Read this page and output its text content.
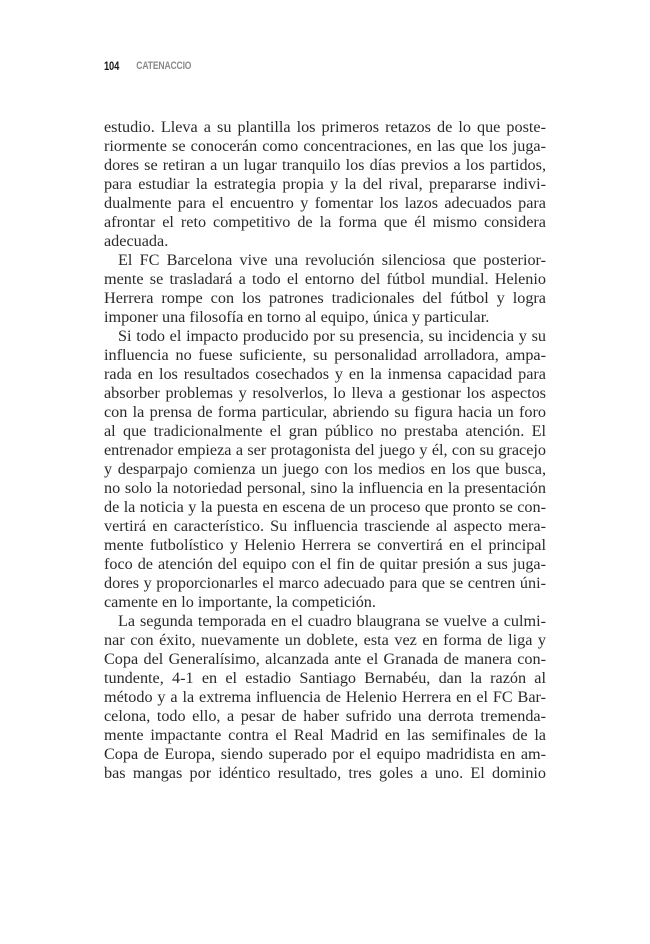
104 CATENACCIO
estudio. Lleva a su plantilla los primeros retazos de lo que poste-
riormente se conocerán como concentraciones, en las que los juga-
dores se retiran a un lugar tranquilo los días previos a los partidos,
para estudiar la estrategia propia y la del rival, prepararse indivi-
dualmente para el encuentro y fomentar los lazos adecuados para
afrontar el reto competitivo de la forma que él mismo considera
adecuada.
El FC Barcelona vive una revolución silenciosa que posterior-
mente se trasladará a todo el entorno del fútbol mundial. Helenio
Herrera rompe con los patrones tradicionales del fútbol y logra
imponer una filosofía en torno al equipo, única y particular.
Si todo el impacto producido por su presencia, su incidencia y su
influencia no fuese suficiente, su personalidad arrolladora, ampa-
rada en los resultados cosechados y en la inmensa capacidad para
absorber problemas y resolverlos, lo lleva a gestionar los aspectos
con la prensa de forma particular, abriendo su figura hacia un foro
al que tradicionalmente el gran público no prestaba atención. El
entrenador empieza a ser protagonista del juego y él, con su gracejo
y desparpajo comienza un juego con los medios en los que busca,
no solo la notoriedad personal, sino la influencia en la presentación
de la noticia y la puesta en escena de un proceso que pronto se con-
vertirá en característico. Su influencia trasciende al aspecto mera-
mente futbolístico y Helenio Herrera se convertirá en el principal
foco de atención del equipo con el fin de quitar presión a sus juga-
dores y proporcionarles el marco adecuado para que se centren úni-
camente en lo importante, la competición.
La segunda temporada en el cuadro blaugrana se vuelve a culmi-
nar con éxito, nuevamente un doblete, esta vez en forma de liga y
Copa del Generalísimo, alcanzada ante el Granada de manera con-
tundente, 4-1 en el estadio Santiago Bernabéu, dan la razón al
método y a la extrema influencia de Helenio Herrera en el FC Bar-
celona, todo ello, a pesar de haber sufrido una derrota tremenda-
mente impactante contra el Real Madrid en las semifinales de la
Copa de Europa, siendo superado por el equipo madridista en am-
bas mangas por idéntico resultado, tres goles a uno. El dominio
